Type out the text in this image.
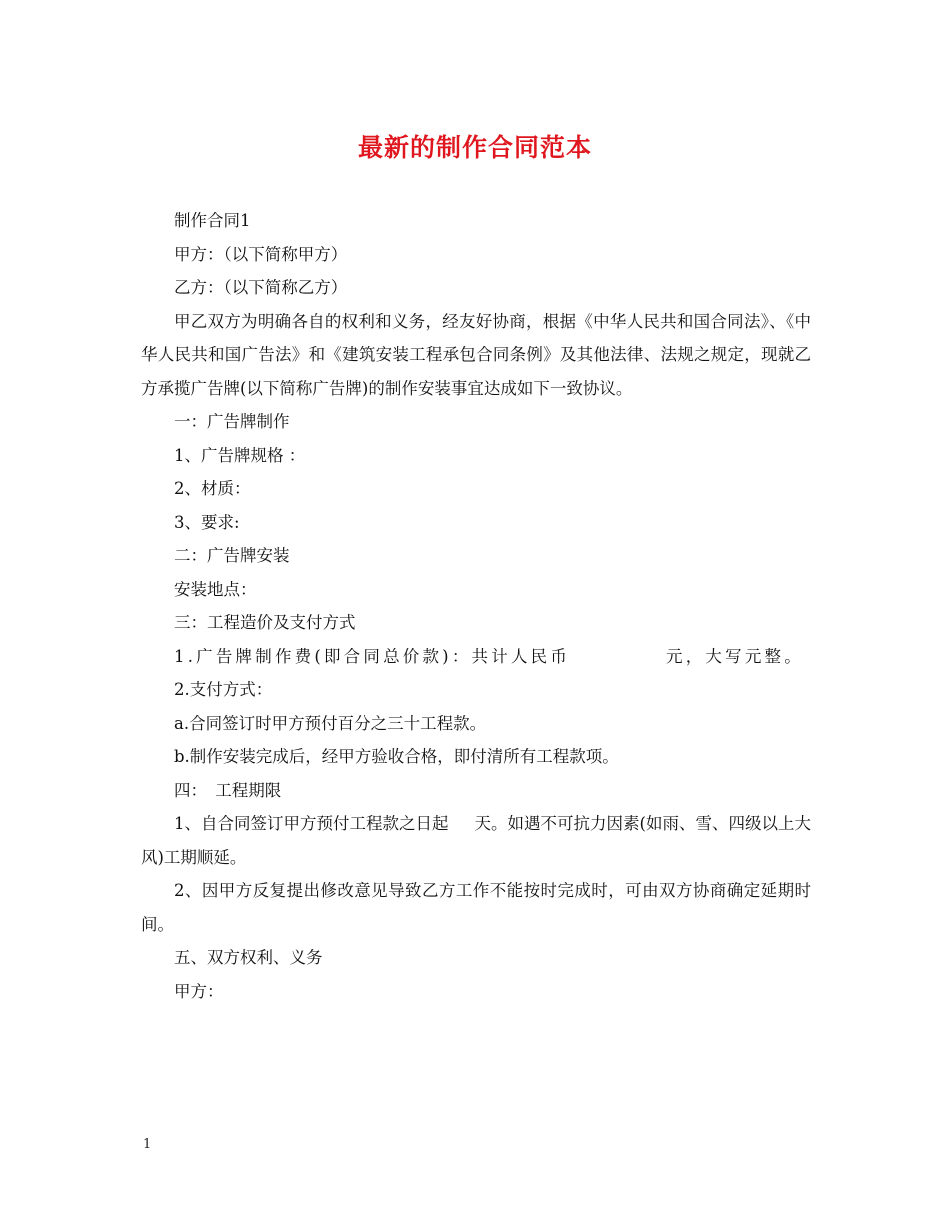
最新的制作合同范本

制作合同1

甲方：（以下简称甲方）

乙方：（以下简称乙方）

甲乙双方为明确各自的权利和义务，经友好协商，根据《中华人民共和国合同法》、《中华人民共和国广告法》和《建筑安装工程承包合同条例》及其他法律、法规之规定，现就乙方承揽广告牌(以下简称广告牌)的制作安装事宜达成如下一致协议。

一：广告牌制作

1、广告牌规格 ：

2、材质：

3、要求:

二：广告牌安装

安装地点：

三：工程造价及支付方式

1.广告牌制作费(即合同总价款)：共计人民币	元，大写元整。

2.支付方式：

a.合同签订时甲方预付百分之三十工程款。

b.制作安装完成后，经甲方验收合格，即付清所有工程款项。

四：　工程期限

1、自合同签订甲方预付工程款之日起 天。如遇不可抗力因素(如雨、雪、四级以上大风)工期顺延。

2、因甲方反复提出修改意见导致乙方工作不能按时完成时，可由双方协商确定延期时间。

五、双方权利、义务

甲方：

1
